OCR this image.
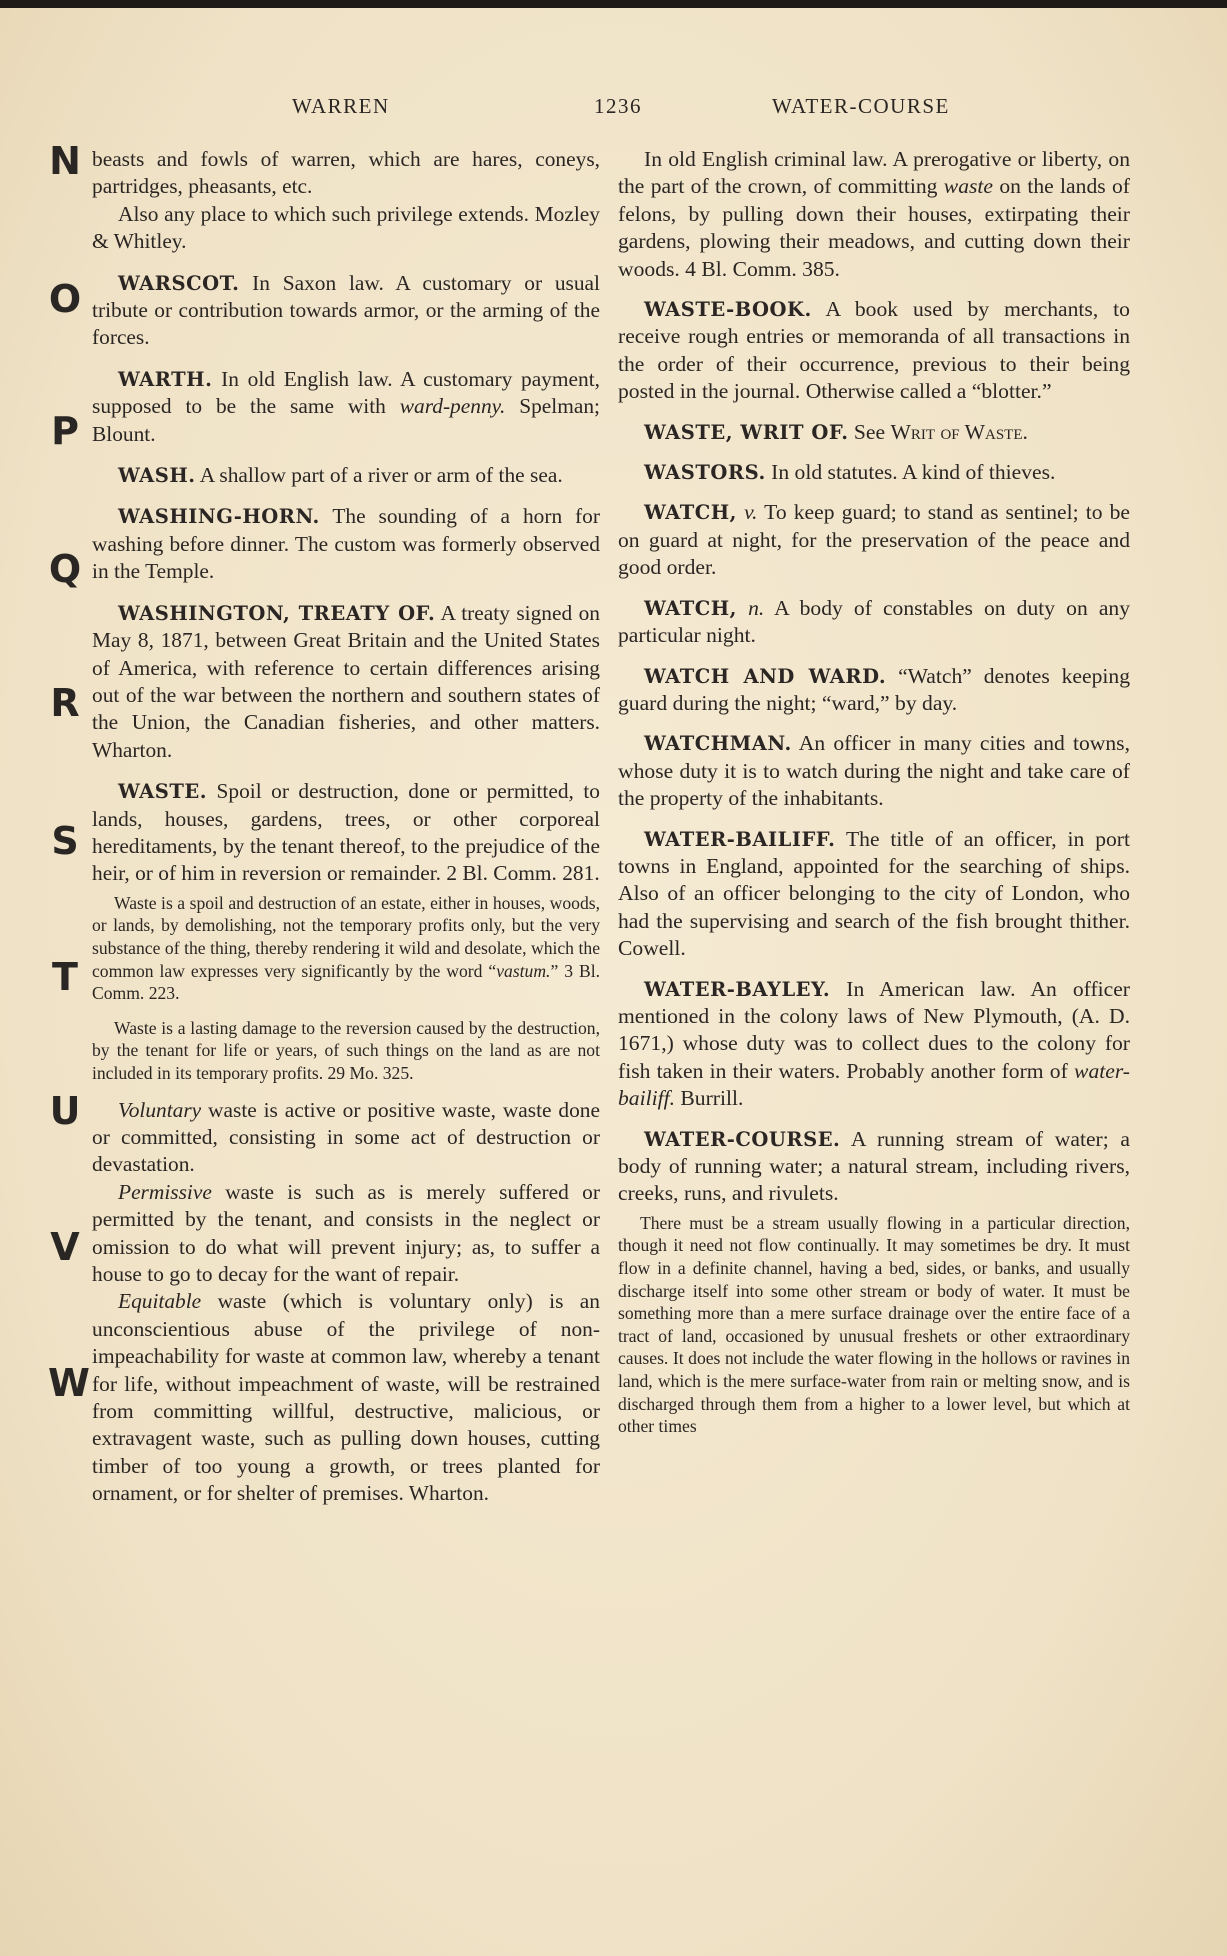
WARREN	1236	WATER-COURSE
N
O
P
Q
R
S
T
U
V
W
beasts and fowls of warren, which are hares, coneys, partridges, pheasants, etc.
Also any place to which such privilege extends. Mozley & Whitley.
WARSCOT. In Saxon law. A customary or usual tribute or contribution towards armor, or the arming of the forces.
WARTH. In old English law. A customary payment, supposed to be the same with ward-penny. Spelman; Blount.
WASH. A shallow part of a river or arm of the sea.
WASHING-HORN. The sounding of a horn for washing before dinner. The custom was formerly observed in the Temple.
WASHINGTON, TREATY OF. A treaty signed on May 8, 1871, between Great Britain and the United States of America, with reference to certain differences arising out of the war between the northern and southern states of the Union, the Canadian fisheries, and other matters. Wharton.
WASTE. Spoil or destruction, done or permitted, to lands, houses, gardens, trees, or other corporeal hereditaments, by the tenant thereof, to the prejudice of the heir, or of him in reversion or remainder. 2 Bl. Comm. 281.
Waste is a spoil and destruction of an estate, either in houses, woods, or lands, by demolishing, not the temporary profits only, but the very substance of the thing, thereby rendering it wild and desolate, which the common law expresses very significantly by the word “vastum.” 3 Bl. Comm. 223.
Waste is a lasting damage to the reversion caused by the destruction, by the tenant for life or years, of such things on the land as are not included in its temporary profits. 29 Mo. 325.
Voluntary waste is active or positive waste, waste done or committed, consisting in some act of destruction or devastation.
Permissive waste is such as is merely suffered or permitted by the tenant, and consists in the neglect or omission to do what will prevent injury; as, to suffer a house to go to decay for the want of repair.
Equitable waste (which is voluntary only) is an unconscientious abuse of the privilege of non-impeachability for waste at common law, whereby a tenant for life, without impeachment of waste, will be restrained from committing willful, destructive, malicious, or extravagent waste, such as pulling down houses, cutting timber of too young a growth, or trees planted for ornament, or for shelter of premises. Wharton.
In old English criminal law. A prerogative or liberty, on the part of the crown, of committing waste on the lands of felons, by pulling down their houses, extirpating their gardens, plowing their meadows, and cutting down their woods. 4 Bl. Comm. 385.
WASTE-BOOK. A book used by merchants, to receive rough entries or memoranda of all transactions in the order of their occurrence, previous to their being posted in the journal. Otherwise called a “blotter.”
WASTE, WRIT OF. See Writ of Waste.
WASTORS. In old statutes. A kind of thieves.
WATCH, v. To keep guard; to stand as sentinel; to be on guard at night, for the preservation of the peace and good order.
WATCH, n. A body of constables on duty on any particular night.
WATCH AND WARD. “Watch” denotes keeping guard during the night; “ward,” by day.
WATCHMAN. An officer in many cities and towns, whose duty it is to watch during the night and take care of the property of the inhabitants.
WATER-BAILIFF. The title of an officer, in port towns in England, appointed for the searching of ships. Also of an officer belonging to the city of London, who had the supervising and search of the fish brought thither. Cowell.
WATER-BAYLEY. In American law. An officer mentioned in the colony laws of New Plymouth, (A. D. 1671,) whose duty was to collect dues to the colony for fish taken in their waters. Probably another form of water-bailiff. Burrill.
WATER-COURSE. A running stream of water; a body of running water; a natural stream, including rivers, creeks, runs, and rivulets.
There must be a stream usually flowing in a particular direction, though it need not flow continually. It may sometimes be dry. It must flow in a definite channel, having a bed, sides, or banks, and usually discharge itself into some other stream or body of water. It must be something more than a mere surface drainage over the entire face of a tract of land, occasioned by unusual freshets or other extraordinary causes. It does not include the water flowing in the hollows or ravines in land, which is the mere surface-water from rain or melting snow, and is discharged through them from a higher to a lower level, but which at other times
